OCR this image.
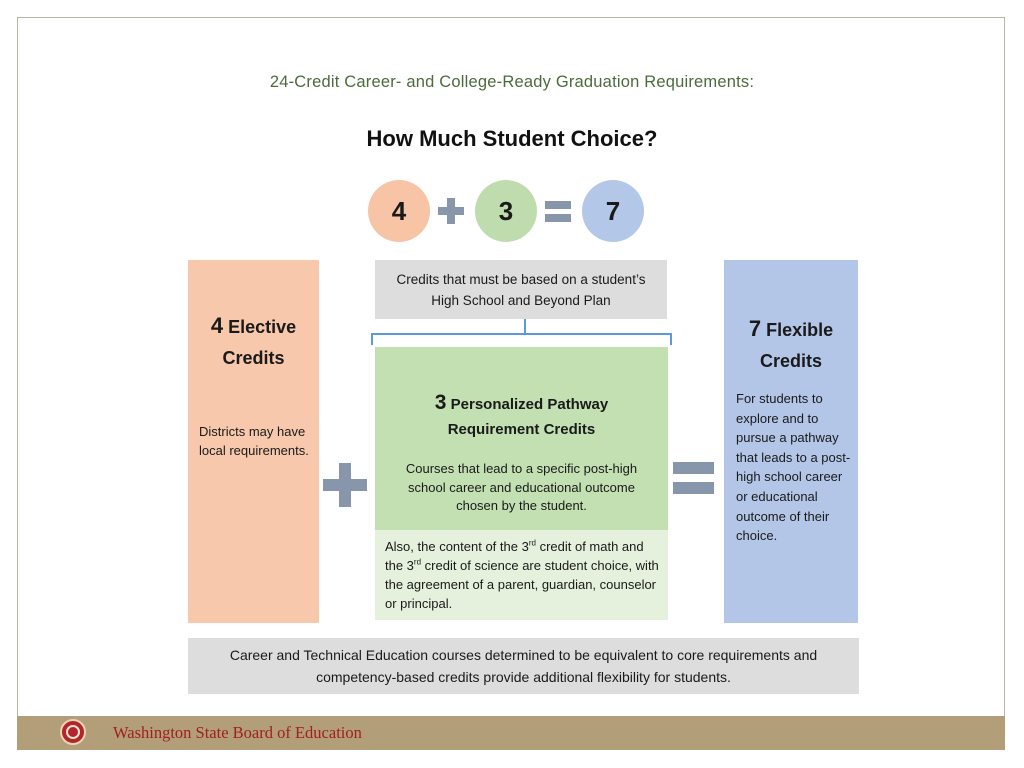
24-Credit Career- and College-Ready Graduation Requirements:
How Much Student Choice?
4	3	7
4 Elective
Credits
Districts may have local requirements.
Credits that must be based on a student’s High School and Beyond Plan
3 Personalized Pathway
Requirement Credits
Courses that lead to a specific post-high school career and educational outcome chosen by the student.
Also, the content of the 3rd credit of math and the 3rd credit of science are student choice, with the agreement of a parent, guardian, counselor or principal.
7 Flexible
Credits
For students to explore and to pursue a pathway that leads to a post-high school career or educational outcome of their choice.
Career and Technical Education courses determined to be equivalent to core requirements and competency-based credits provide additional flexibility for students.
Washington State Board of Education
